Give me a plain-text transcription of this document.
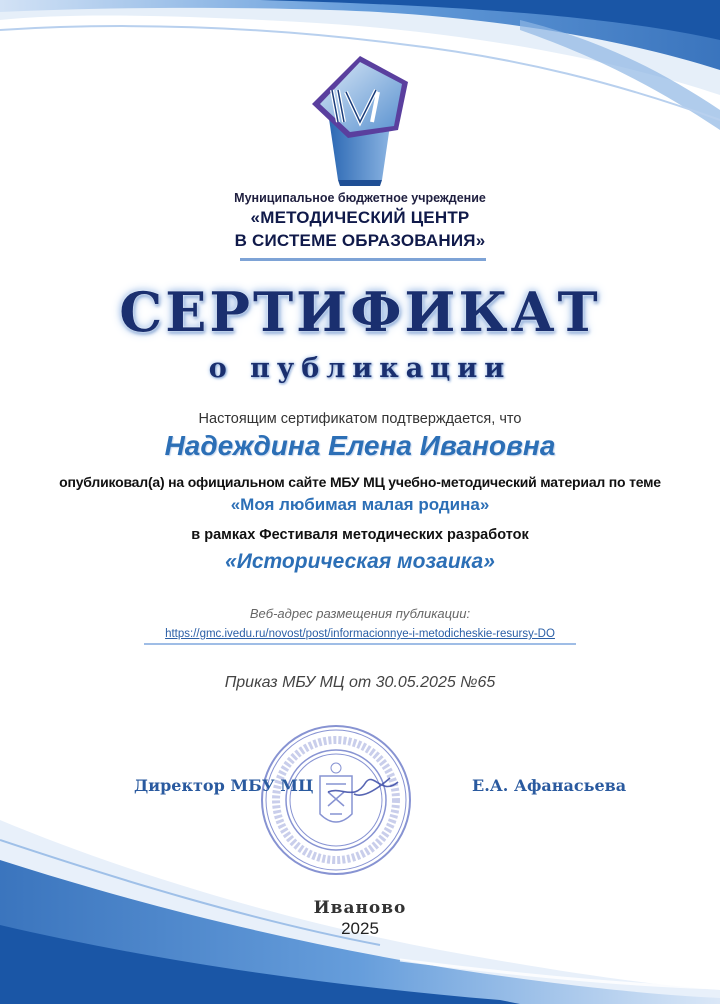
Муниципальное бюджетное учреждение
«МЕТОДИЧЕСКИЙ ЦЕНТР
В СИСТЕМЕ ОБРАЗОВАНИЯ»
СЕРТИФИКАТ
о публикации
Настоящим сертификатом подтверждается, что
Надеждина Елена Ивановна
опубликовал(а) на официальном сайте МБУ МЦ учебно-методический материал по теме
«Моя любимая малая родина»
в рамках Фестиваля методических разработок
«Историческая мозаика»
Веб-адрес размещения публикации:
https://gmc.ivedu.ru/novost/post/informacionnye-i-metodicheskie-resursy-DO
Приказ МБУ МЦ от 30.05.2025 №65
Директор МБУ МЦ	Е.А. Афанасьева
Иваново
2025
